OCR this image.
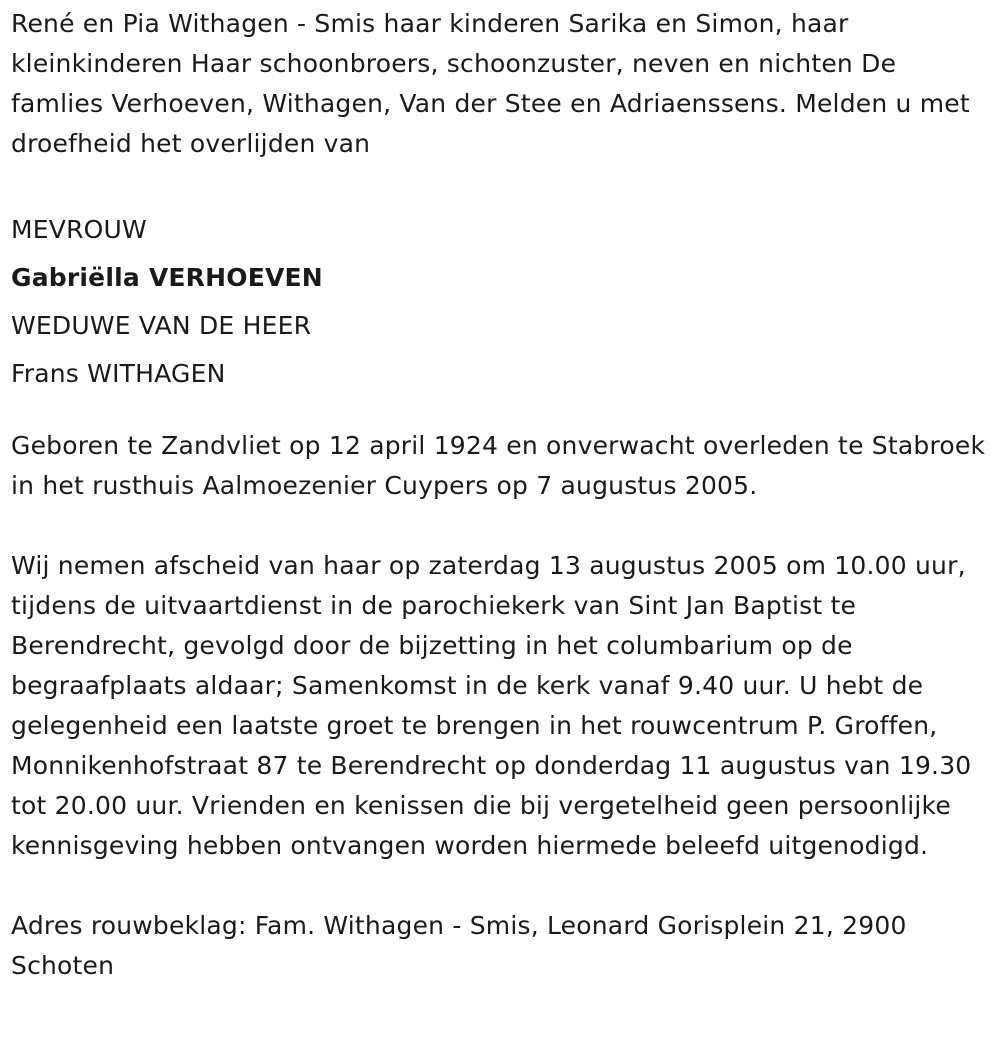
René en Pia Withagen - Smis haar kinderen Sarika en Simon, haar kleinkinderen Haar schoonbroers, schoonzuster, neven en nichten De famlies Verhoeven, Withagen, Van der Stee en Adriaenssens. Melden u met droefheid het overlijden van

MEVROUW
Gabriëlla VERHOEVEN
WEDUWE VAN DE HEER
Frans WITHAGEN

Geboren te Zandvliet op 12 april 1924 en onverwacht overleden te Stabroek in het rusthuis Aalmoezenier Cuypers op 7 augustus 2005.

Wij nemen afscheid van haar op zaterdag 13 augustus 2005 om 10.00 uur, tijdens de uitvaartdienst in de parochiekerk van Sint Jan Baptist te Berendrecht, gevolgd door de bijzetting in het columbarium op de begraafplaats aldaar; Samenkomst in de kerk vanaf 9.40 uur. U hebt de gelegenheid een laatste groet te brengen in het rouwcentrum P. Groffen, Monnikenhofstraat 87 te Berendrecht op donderdag 11 augustus van 19.30 tot 20.00 uur. Vrienden en kenissen die bij vergetelheid geen persoonlijke kennisgeving hebben ontvangen worden hiermede beleefd uitgenodigd.

Adres rouwbeklag: Fam. Withagen - Smis, Leonard Gorisplein 21, 2900 Schoten
